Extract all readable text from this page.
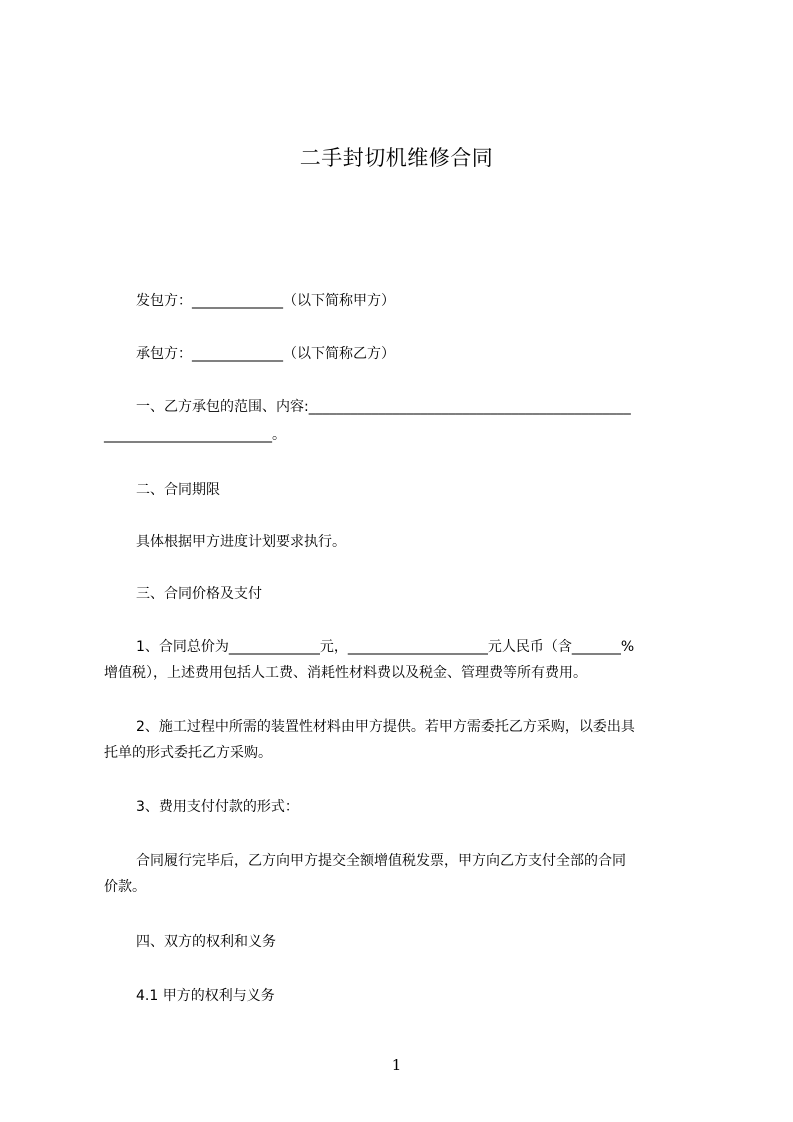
二手封切机维修合同
发包方：_____________（以下简称甲方）
承包方：_____________（以下简称乙方）
一、乙方承包的范围、内容:______________________________________________
________________________。
二、合同期限
具体根据甲方进度计划要求执行。
三、合同价格及支付
1、合同总价为_____________元，____________________元人民币（含_______%
增值税），上述费用包括人工费、消耗性材料费以及税金、管理费等所有费用。
2、施工过程中所需的装置性材料由甲方提供。若甲方需委托乙方采购，以委出具
托单的形式委托乙方采购。
3、费用支付付款的形式：
合同履行完毕后，乙方向甲方提交全额增值税发票，甲方向乙方支付全部的合同
价款。
四、双方的权利和义务
4.1 甲方的权利与义务
1
